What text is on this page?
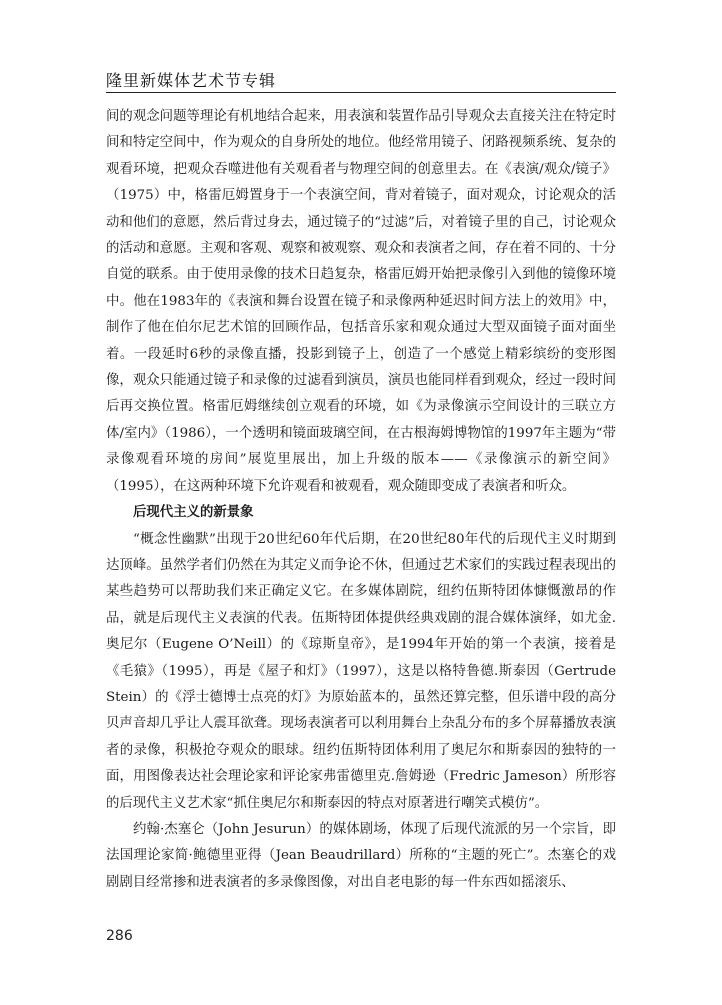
隆里新媒体艺术节专辑

间的观念问题等理论有机地结合起来，用表演和装置作品引导观众去直接关注在特定时间和特定空间中，作为观众的自身所处的地位。他经常用镜子、闭路视频系统、复杂的观看环境，把观众吞噬进他有关观看者与物理空间的创意里去。在《表演/观众/镜子》（1975）中，格雷厄姆置身于一个表演空间，背对着镜子，面对观众，讨论观众的活动和他们的意愿，然后背过身去，通过镜子的“过滤”后，对着镜子里的自己，讨论观众的活动和意愿。主观和客观、观察和被观察、观众和表演者之间，存在着不同的、十分自觉的联系。由于使用录像的技术日趋复杂，格雷厄姆开始把录像引入到他的镜像环境中。他在1983年的《表演和舞台设置在镜子和录像两种延迟时间方法上的效用》中，制作了他在伯尔尼艺术馆的回顾作品，包括音乐家和观众通过大型双面镜子面对面坐着。一段延时6秒的录像直播，投影到镜子上，创造了一个感觉上精彩缤纷的变形图像，观众只能通过镜子和录像的过滤看到演员，演员也能同样看到观众，经过一段时间后再交换位置。格雷厄姆继续创立观看的环境，如《为录像演示空间设计的三联立方体/室内》（1986），一个透明和镜面玻璃空间，在古根海姆博物馆的1997年主题为“带录像观看环境的房间”展览里展出，加上升级的版本——《录像演示的新空间》（1995），在这两种环境下允许观看和被观看，观众随即变成了表演者和听众。

后现代主义的新景象

“概念性幽默”出现于20世纪60年代后期，在20世纪80年代的后现代主义时期到达顶峰。虽然学者们仍然在为其定义而争论不休，但通过艺术家们的实践过程表现出的某些趋势可以帮助我们来正确定义它。在多媒体剧院，纽约伍斯特团体慷慨激昂的作品，就是后现代主义表演的代表。伍斯特团体提供经典戏剧的混合媒体演绎，如尤金.奥尼尔（Eugene O’Neill）的《琼斯皇帝》，是1994年开始的第一个表演，接着是《毛猿》（1995），再是《屋子和灯》（1997），这是以格特鲁德.斯泰因（Gertrude Stein）的《浮士德博士点亮的灯》为原始蓝本的，虽然还算完整，但乐谱中段的高分贝声音却几乎让人震耳欲聋。现场表演者可以利用舞台上杂乱分布的多个屏幕播放表演者的录像，积极抢夺观众的眼球。纽约伍斯特团体利用了奥尼尔和斯泰因的独特的一面，用图像表达社会理论家和评论家弗雷德里克.詹姆逊（Fredric Jameson）所形容的后现代主义艺术家“抓住奥尼尔和斯泰因的特点对原著进行嘲笑式模仿”。

约翰·杰塞仑（John Jesurun）的媒体剧场，体现了后现代流派的另一个宗旨，即法国理论家简·鲍德里亚得（Jean Beaudrillard）所称的“主题的死亡”。杰塞仑的戏剧剧目经常掺和进表演者的多录像图像，对出自老电影的每一件东西如摇滚乐、

286
